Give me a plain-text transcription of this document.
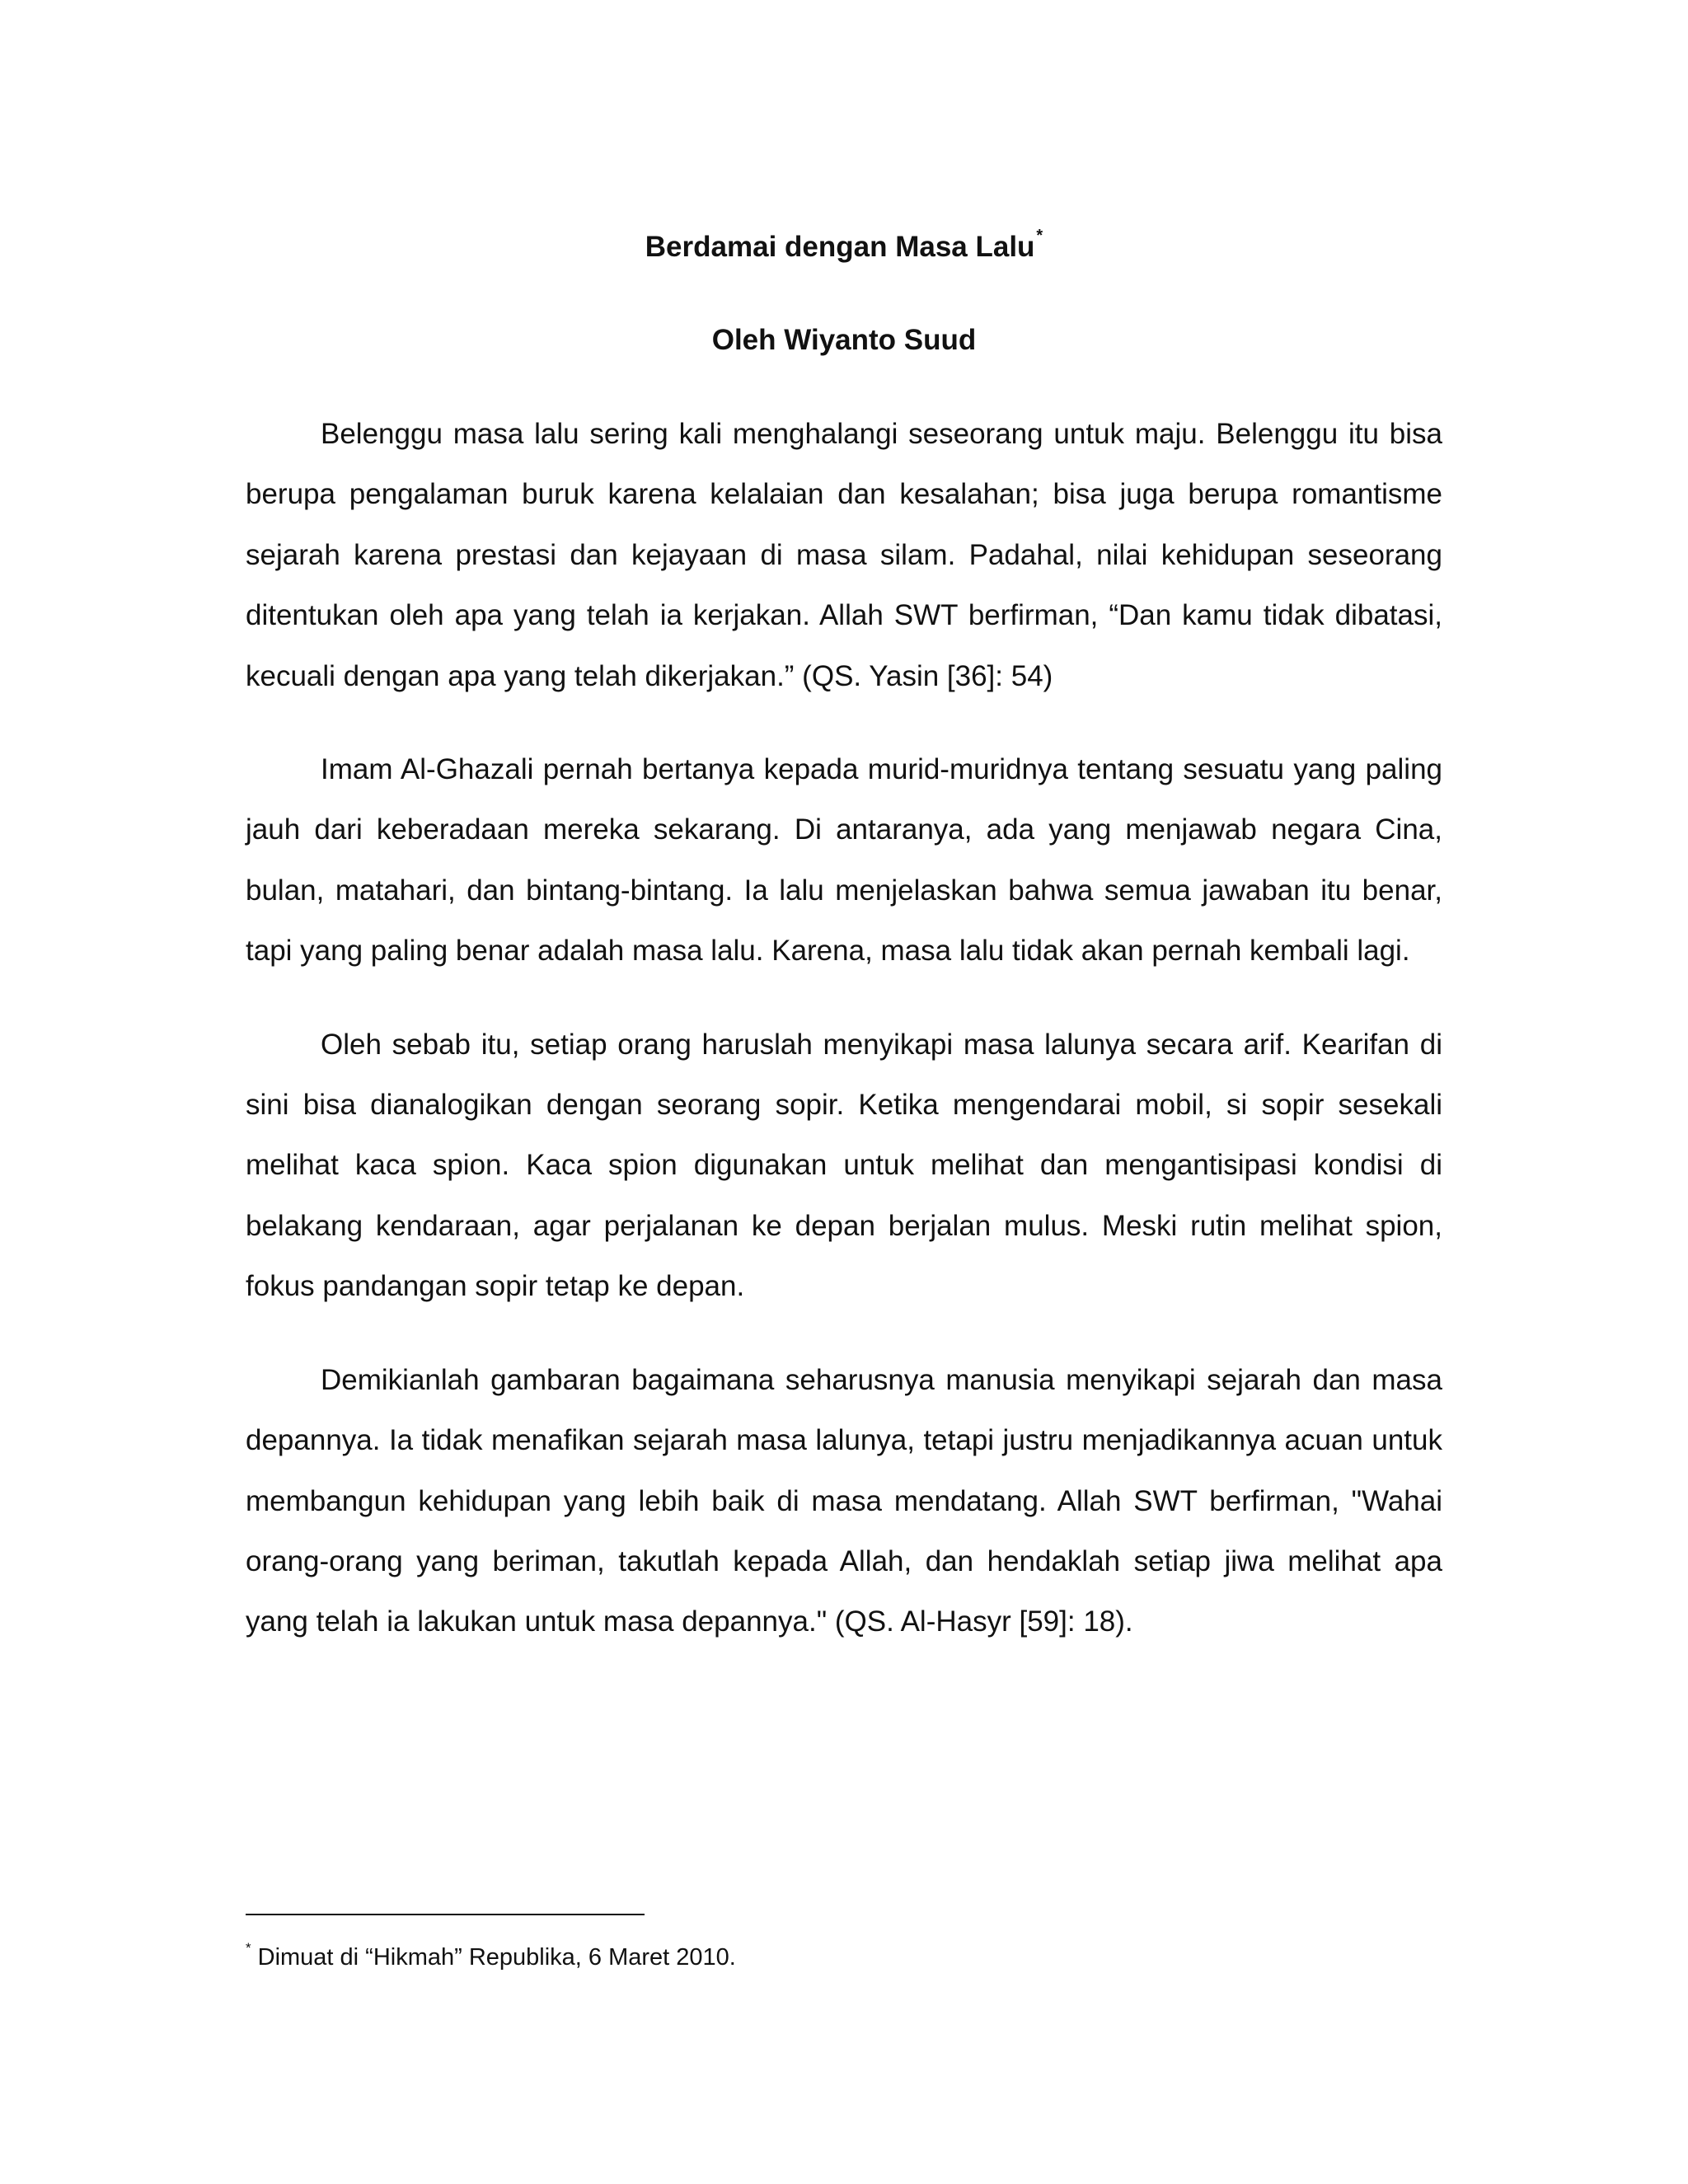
Berdamai dengan Masa Lalu *

Oleh Wiyanto Suud

Belenggu masa lalu sering kali menghalangi seseorang untuk maju. Belenggu itu bisa berupa pengalaman buruk karena kelalaian dan kesalahan; bisa juga berupa romantisme sejarah karena prestasi dan kejayaan di masa silam. Padahal, nilai kehidupan seseorang ditentukan oleh apa yang telah ia kerjakan. Allah SWT berfirman, “Dan kamu tidak dibatasi, kecuali dengan apa yang telah dikerjakan.” (QS. Yasin [36]: 54)

Imam Al-Ghazali pernah bertanya kepada murid-muridnya tentang sesuatu yang paling jauh dari keberadaan mereka sekarang. Di antaranya, ada yang menjawab negara Cina, bulan, matahari, dan bintang-bintang. Ia lalu menjelaskan bahwa semua jawaban itu benar, tapi yang paling benar adalah masa lalu. Karena, masa lalu tidak akan pernah kembali lagi.

Oleh sebab itu, setiap orang haruslah menyikapi masa lalunya secara arif. Kearifan di sini bisa dianalogikan dengan seorang sopir. Ketika mengendarai mobil, si sopir sesekali melihat kaca spion. Kaca spion digunakan untuk melihat dan mengantisipasi kondisi di belakang kendaraan, agar perjalanan ke depan berjalan mulus. Meski rutin melihat spion, fokus pandangan sopir tetap ke depan.

Demikianlah gambaran bagaimana seharusnya manusia menyikapi sejarah dan masa depannya. Ia tidak menafikan sejarah masa lalunya, tetapi justru menjadikannya acuan untuk membangun kehidupan yang lebih baik di masa mendatang. Allah SWT berfirman, "Wahai orang-orang yang beriman, takutlah kepada Allah, dan hendaklah setiap jiwa melihat apa yang telah ia lakukan untuk masa depannya." (QS. Al-Hasyr [59]: 18).

* Dimuat di “Hikmah” Republika, 6 Maret 2010.
